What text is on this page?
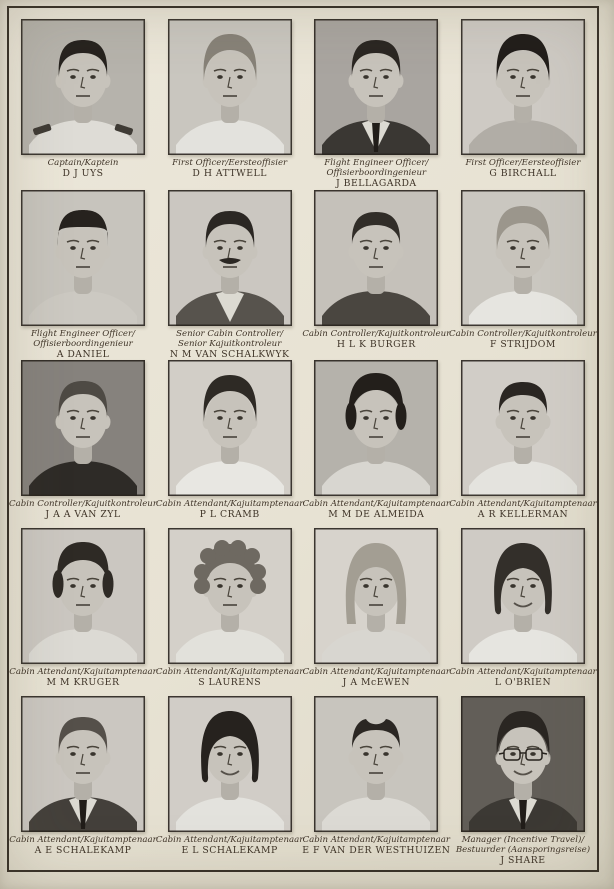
Captain/Kaptein
D J UYS
First Officer/Eersteoffisier
D H ATTWELL
Flight Engineer Officer/
Offisierboordingenieur
J BELLAGARDA
First Officer/Eersteoffisier
G BIRCHALL
Flight Engineer Officer/
Offisierboordingenieur
A DANIEL
Senior Cabin Controller/
Senior Kajuitkontroleur
N M VAN SCHALKWYK
Cabin Controller/Kajuitkontroleur
H L K BURGER
Cabin Controller/Kajuitkontroleur
F STRIJDOM
Cabin Controller/Kajuitkontroleur
J A A VAN ZYL
Cabin Attendant/Kajuitamptenaar
P L CRAMB
Cabin Attendant/Kajuitamptenaar
M M DE ALMEIDA
Cabin Attendant/Kajuitamptenaar
A R KELLERMAN
Cabin Attendant/Kajuitamptenaar
M M KRUGER
Cabin Attendant/Kajuitamptenaar
S LAURENS
Cabin Attendant/Kajuitamptenaar
J A McEWEN
Cabin Attendant/Kajuitamptenaar
L O'BRIEN
Cabin Attendant/Kajuitamptenaar
A E SCHALEKAMP
Cabin Attendant/Kajuitamptenaar
E L SCHALEKAMP
Cabin Attendant/Kajuitamptenaar
E F VAN DER WESTHUIZEN
Manager (Incentive Travel)/
Bestuurder (Aansporingsreise)
J SHARE
